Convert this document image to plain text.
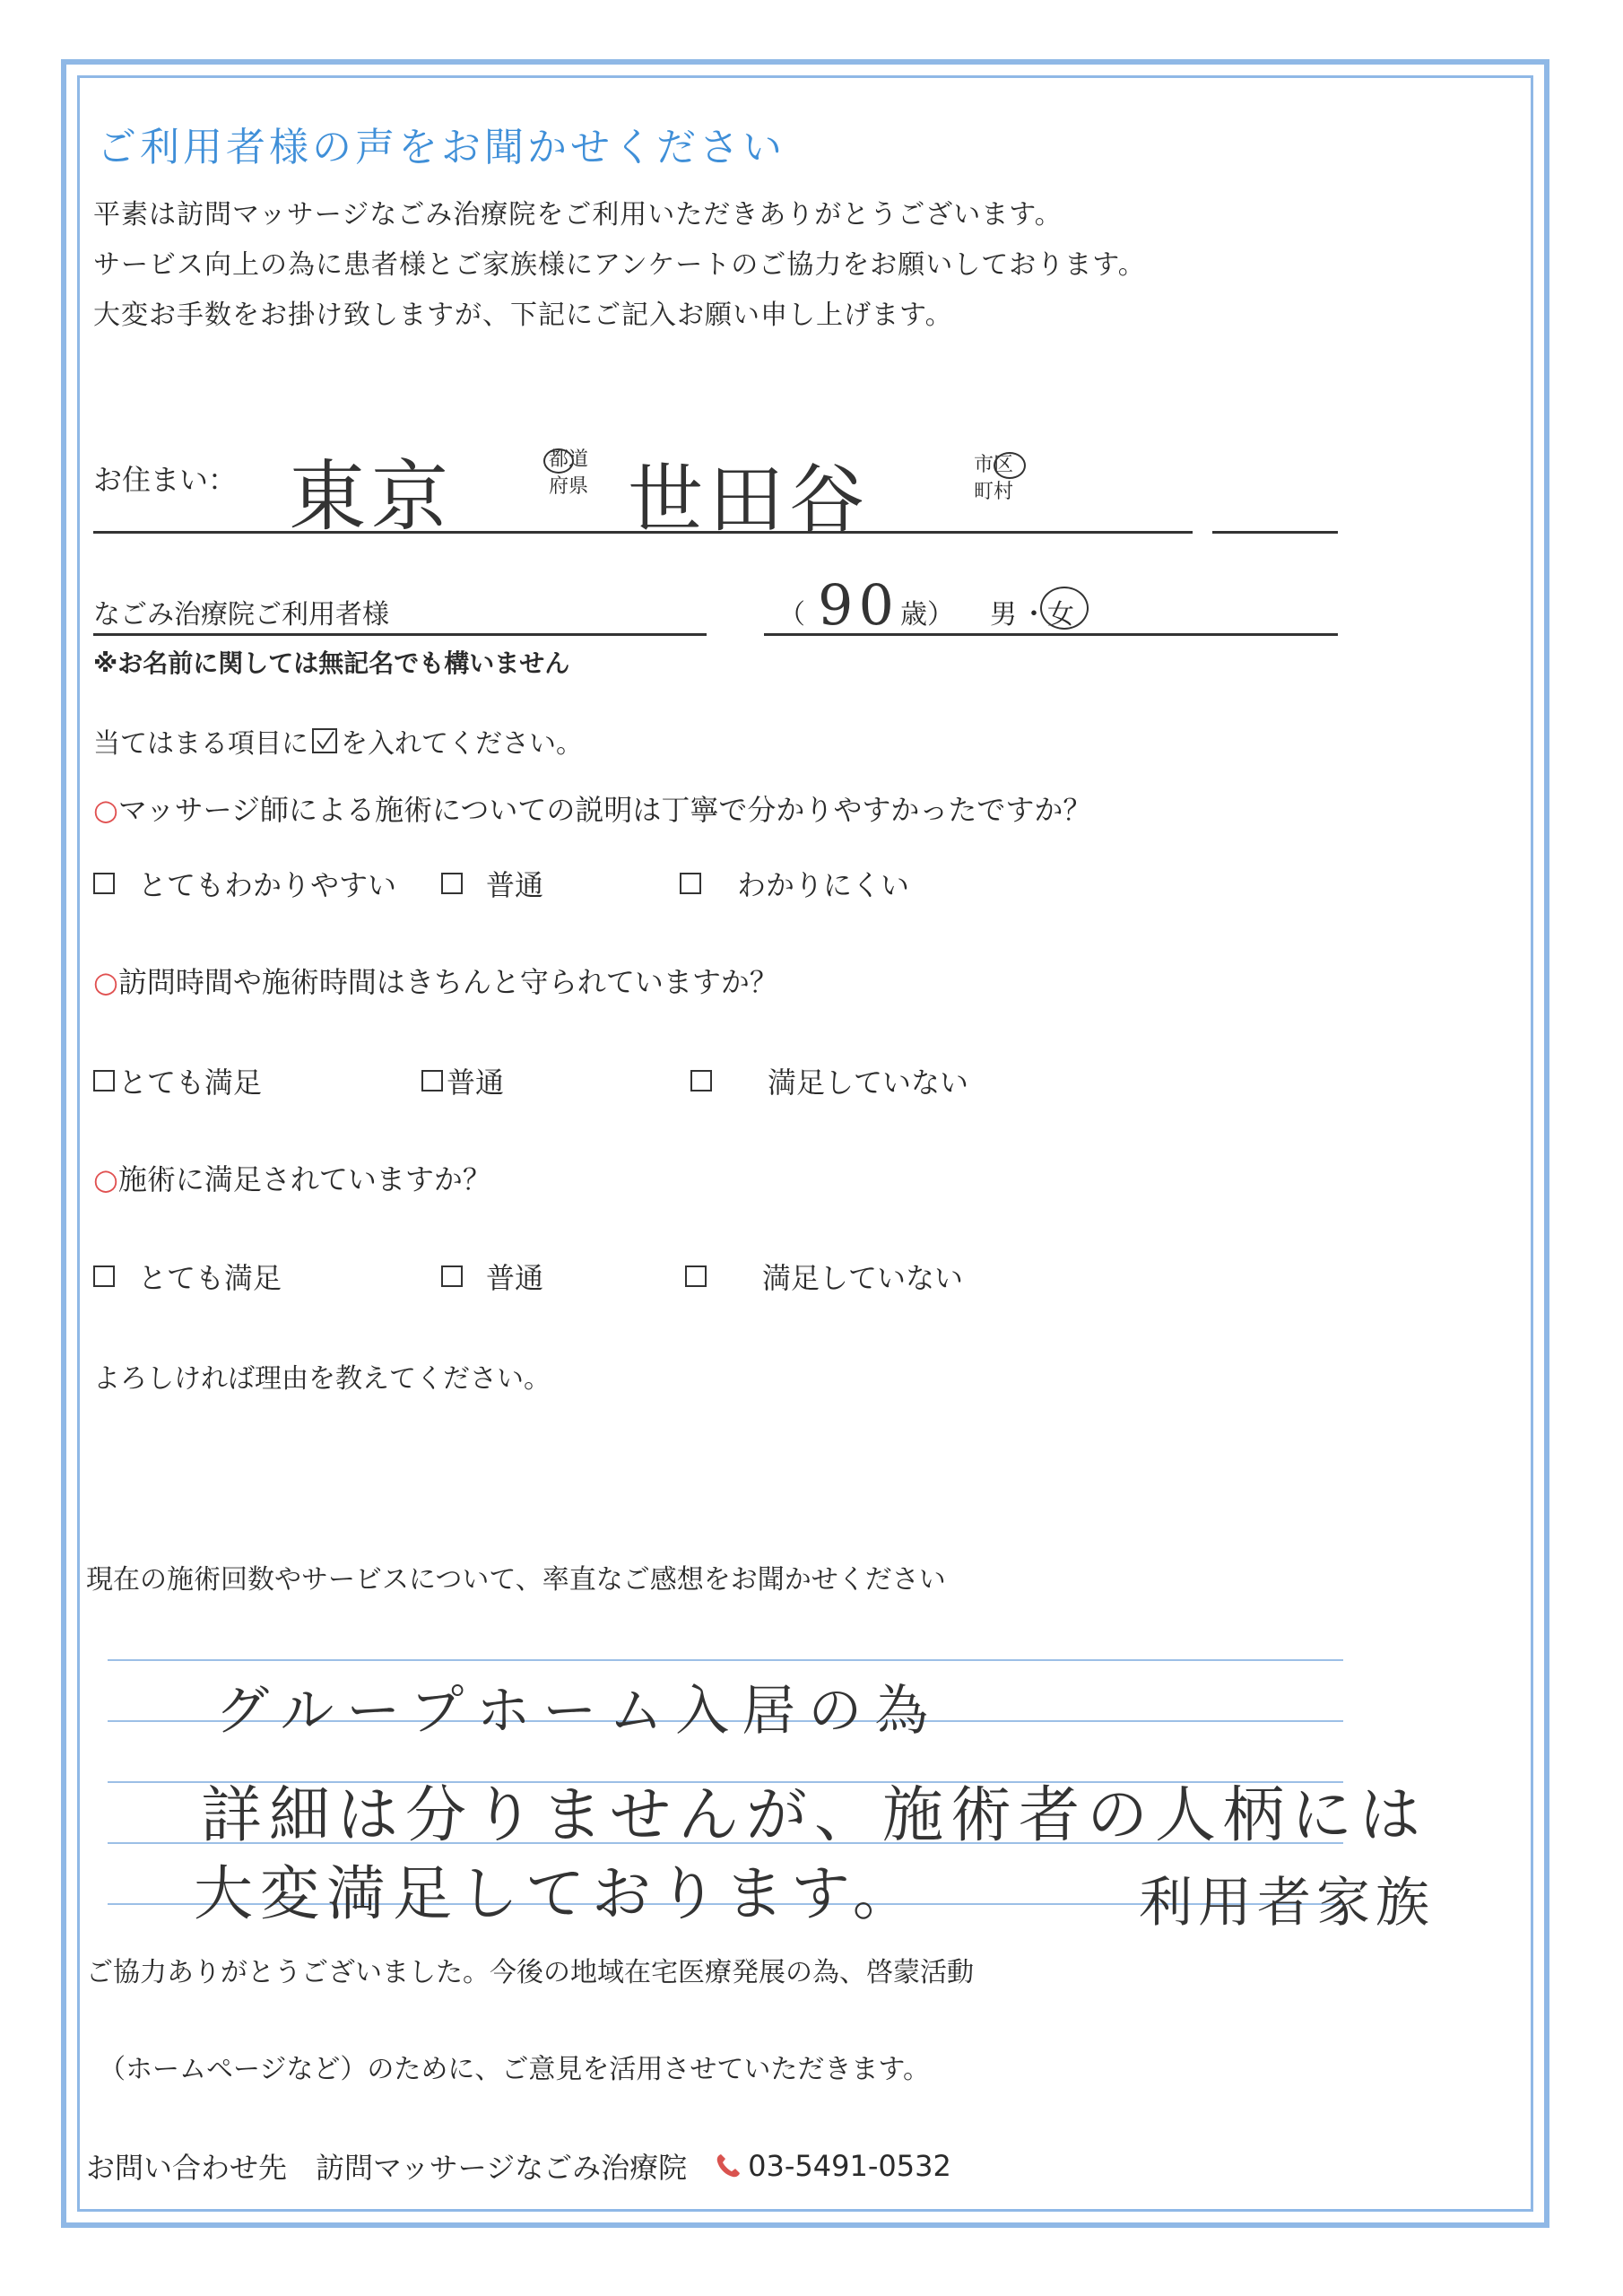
ご利用者様の声をお聞かせください
平素は訪問マッサージなごみ治療院をご利用いただきありがとうございます。
サービス向上の為に患者様とご家族様にアンケートのご協力をお願いしております。
大変お手数をお掛け致しますが、下記にご記入お願い申し上げます。
お住まい： 東京	都道
府県 世田谷	市区
町村
なごみ治療院ご利用者様	（ 90 歳） 男 ・ 女
※お名前に関しては無記名でも構いません
当てはまる項目に を入れてください。
○マッサージ師による施術についての説明は丁寧で分かりやすかったですか？
とてもわかりやすい	普通	わかりにくい
○訪問時間や施術時間はきちんと守られていますか？
とても満足	普通	満足していない
○施術に満足されていますか？
とても満足	普通	満足していない
よろしければ理由を教えてください。
現在の施術回数やサービスについて、率直なご感想をお聞かせください
グループホーム入居の為
詳細は分りませんが、施術者の人柄には
大変満足しております。	利用者家族
ご協力ありがとうございました。今後の地域在宅医療発展の為、啓蒙活動
（ホームページなど）のために、ご意見を活用させていただきます。
お問い合わせ先 訪問マッサージなごみ治療院 03-5491-0532
